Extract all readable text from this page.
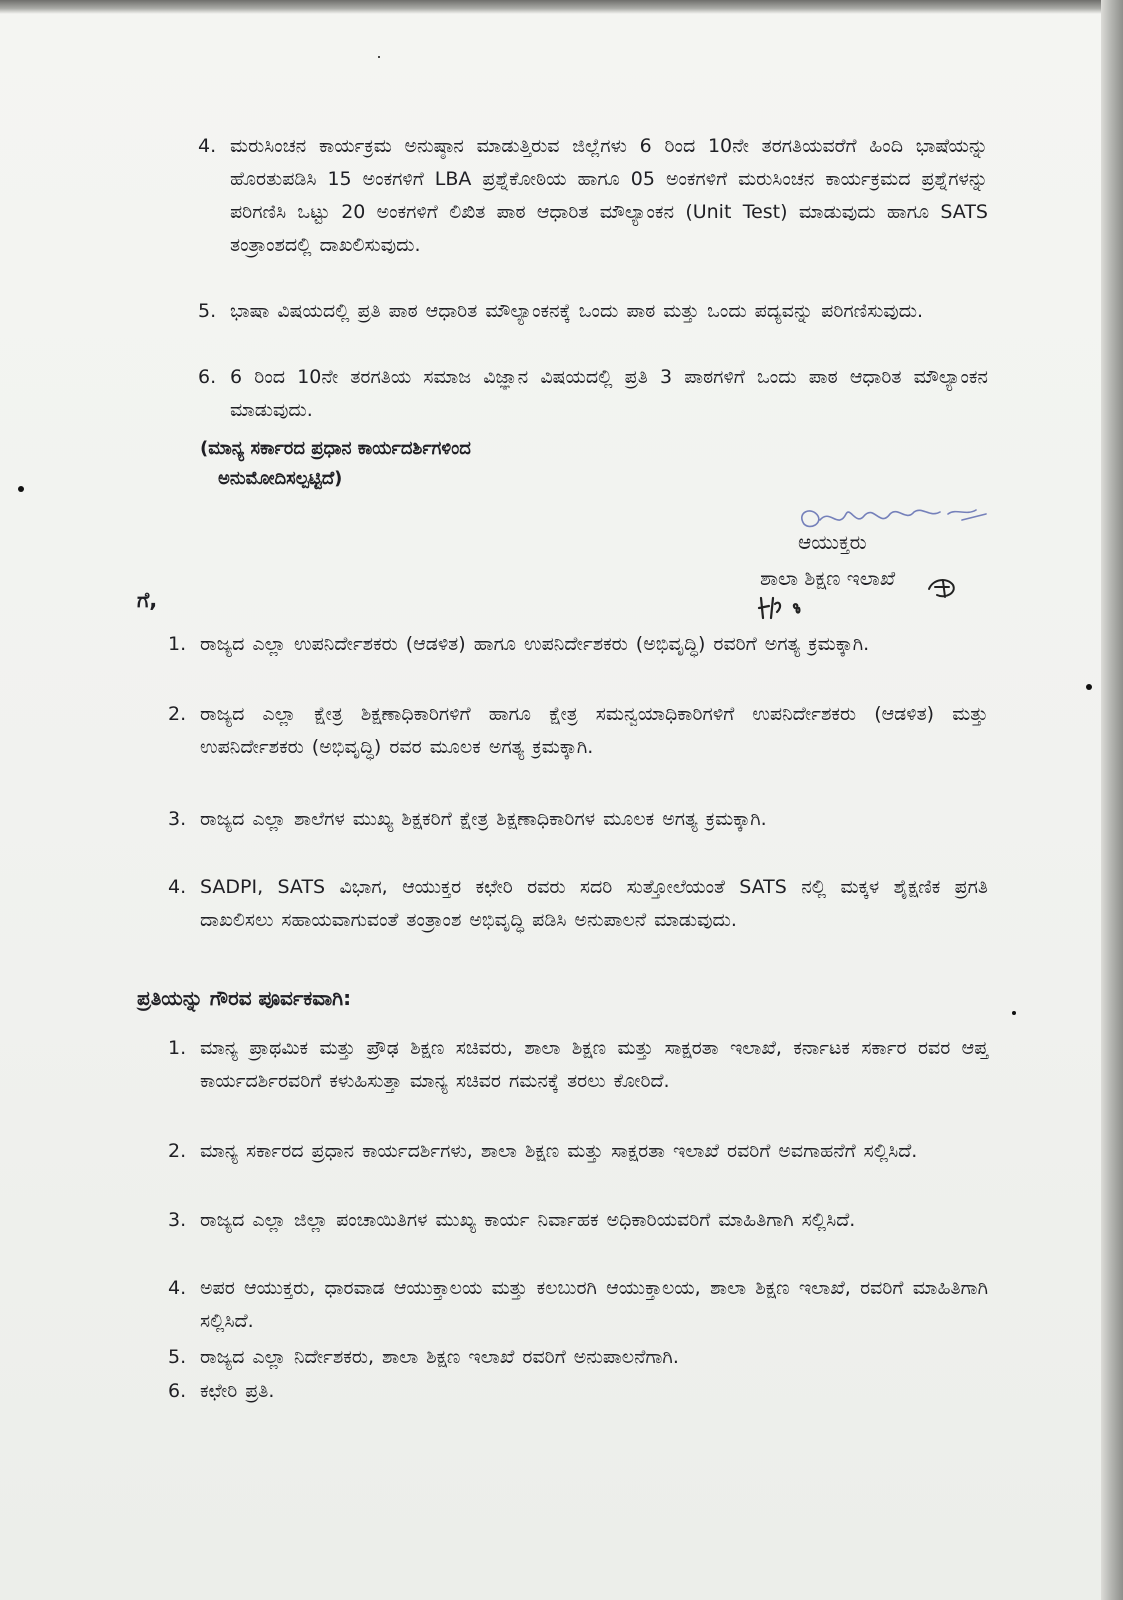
4. ಮರುಸಿಂಚನ ಕಾರ್ಯಕ್ರಮ ಅನುಷ್ಠಾನ ಮಾಡುತ್ತಿರುವ ಜಿಲ್ಲೆಗಳು 6 ರಿಂದ 10ನೇ ತರಗತಿಯವರೆಗೆ ಹಿಂದಿ ಭಾಷೆಯನ್ನು ಹೊರತುಪಡಿಸಿ 15 ಅಂಕಗಳಿಗೆ LBA ಪ್ರಶ್ನೆಕೋಠಿಯ ಹಾಗೂ 05 ಅಂಕಗಳಿಗೆ ಮರುಸಿಂಚನ ಕಾರ್ಯಕ್ರಮದ ಪ್ರಶ್ನೆಗಳನ್ನು ಪರಿಗಣಿಸಿ ಒಟ್ಟು 20 ಅಂಕಗಳಿಗೆ ಲಿಖಿತ ಪಾಠ ಆಧಾರಿತ ಮೌಲ್ಯಾಂಕನ (Unit Test) ಮಾಡುವುದು ಹಾಗೂ SATS ತಂತ್ರಾಂಶದಲ್ಲಿ ದಾಖಲಿಸುವುದು.
5. ಭಾಷಾ ವಿಷಯದಲ್ಲಿ ಪ್ರತಿ ಪಾಠ ಆಧಾರಿತ ಮೌಲ್ಯಾಂಕನಕ್ಕೆ ಒಂದು ಪಾಠ ಮತ್ತು ಒಂದು ಪದ್ಯವನ್ನು ಪರಿಗಣಿಸುವುದು.
6. 6 ರಿಂದ 10ನೇ ತರಗತಿಯ ಸಮಾಜ ವಿಜ್ಞಾನ ವಿಷಯದಲ್ಲಿ ಪ್ರತಿ 3 ಪಾಠಗಳಿಗೆ ಒಂದು ಪಾಠ ಆಧಾರಿತ ಮೌಲ್ಯಾಂಕನ ಮಾಡುವುದು.
(ಮಾನ್ಯ ಸರ್ಕಾರದ ಪ್ರಧಾನ ಕಾರ್ಯದರ್ಶಿಗಳಿಂದ
ಅನುಮೋದಿಸಲ್ಪಟ್ಟಿದೆ)
ಆಯುಕ್ತರು
ಶಾಲಾ ಶಿಕ್ಷಣ ಇಲಾಖೆ
ಗೆ,
1. ರಾಜ್ಯದ ಎಲ್ಲಾ ಉಪನಿರ್ದೇಶಕರು (ಆಡಳಿತ) ಹಾಗೂ ಉಪನಿರ್ದೇಶಕರು (ಅಭಿವೃದ್ಧಿ) ರವರಿಗೆ ಅಗತ್ಯ ಕ್ರಮಕ್ಕಾಗಿ.
2. ರಾಜ್ಯದ ಎಲ್ಲಾ ಕ್ಷೇತ್ರ ಶಿಕ್ಷಣಾಧಿಕಾರಿಗಳಿಗೆ ಹಾಗೂ ಕ್ಷೇತ್ರ ಸಮನ್ವಯಾಧಿಕಾರಿಗಳಿಗೆ ಉಪನಿರ್ದೇಶಕರು (ಆಡಳಿತ) ಮತ್ತು ಉಪನಿರ್ದೇಶಕರು (ಅಭಿವೃದ್ಧಿ) ರವರ ಮೂಲಕ ಅಗತ್ಯ ಕ್ರಮಕ್ಕಾಗಿ.
3. ರಾಜ್ಯದ ಎಲ್ಲಾ ಶಾಲೆಗಳ ಮುಖ್ಯ ಶಿಕ್ಷಕರಿಗೆ ಕ್ಷೇತ್ರ ಶಿಕ್ಷಣಾಧಿಕಾರಿಗಳ ಮೂಲಕ ಅಗತ್ಯ ಕ್ರಮಕ್ಕಾಗಿ.
4. SADPI, SATS ವಿಭಾಗ, ಆಯುಕ್ತರ ಕಛೇರಿ ರವರು ಸದರಿ ಸುತ್ತೋಲೆಯಂತೆ SATS ನಲ್ಲಿ ಮಕ್ಕಳ ಶೈಕ್ಷಣಿಕ ಪ್ರಗತಿ ದಾಖಲಿಸಲು ಸಹಾಯವಾಗುವಂತೆ ತಂತ್ರಾಂಶ ಅಭಿವೃದ್ಧಿ ಪಡಿಸಿ ಅನುಪಾಲನೆ ಮಾಡುವುದು.
ಪ್ರತಿಯನ್ನು ಗೌರವ ಪೂರ್ವಕವಾಗಿ:
1. ಮಾನ್ಯ ಪ್ರಾಥಮಿಕ ಮತ್ತು ಪ್ರೌಢ ಶಿಕ್ಷಣ ಸಚಿವರು, ಶಾಲಾ ಶಿಕ್ಷಣ ಮತ್ತು ಸಾಕ್ಷರತಾ ಇಲಾಖೆ, ಕರ್ನಾಟಕ ಸರ್ಕಾರ ರವರ ಆಪ್ತ ಕಾರ್ಯದರ್ಶಿರವರಿಗೆ ಕಳುಹಿಸುತ್ತಾ ಮಾನ್ಯ ಸಚಿವರ ಗಮನಕ್ಕೆ ತರಲು ಕೋರಿದೆ.
2. ಮಾನ್ಯ ಸರ್ಕಾರದ ಪ್ರಧಾನ ಕಾರ್ಯದರ್ಶಿಗಳು, ಶಾಲಾ ಶಿಕ್ಷಣ ಮತ್ತು ಸಾಕ್ಷರತಾ ಇಲಾಖೆ ರವರಿಗೆ ಅವಗಾಹನೆಗೆ ಸಲ್ಲಿಸಿದೆ.
3. ರಾಜ್ಯದ ಎಲ್ಲಾ ಜಿಲ್ಲಾ ಪಂಚಾಯಿತಿಗಳ ಮುಖ್ಯ ಕಾರ್ಯ ನಿರ್ವಾಹಕ ಅಧಿಕಾರಿಯವರಿಗೆ ಮಾಹಿತಿಗಾಗಿ ಸಲ್ಲಿಸಿದೆ.
4. ಅಪರ ಆಯುಕ್ತರು, ಧಾರವಾಡ ಆಯುಕ್ತಾಲಯ ಮತ್ತು ಕಲಬುರಗಿ ಆಯುಕ್ತಾಲಯ, ಶಾಲಾ ಶಿಕ್ಷಣ ಇಲಾಖೆ, ರವರಿಗೆ ಮಾಹಿತಿಗಾಗಿ ಸಲ್ಲಿಸಿದೆ.
5. ರಾಜ್ಯದ ಎಲ್ಲಾ ನಿರ್ದೇಶಕರು, ಶಾಲಾ ಶಿಕ್ಷಣ ಇಲಾಖೆ ರವರಿಗೆ ಅನುಪಾಲನೆಗಾಗಿ.
6. ಕಛೇರಿ ಪ್ರತಿ.
